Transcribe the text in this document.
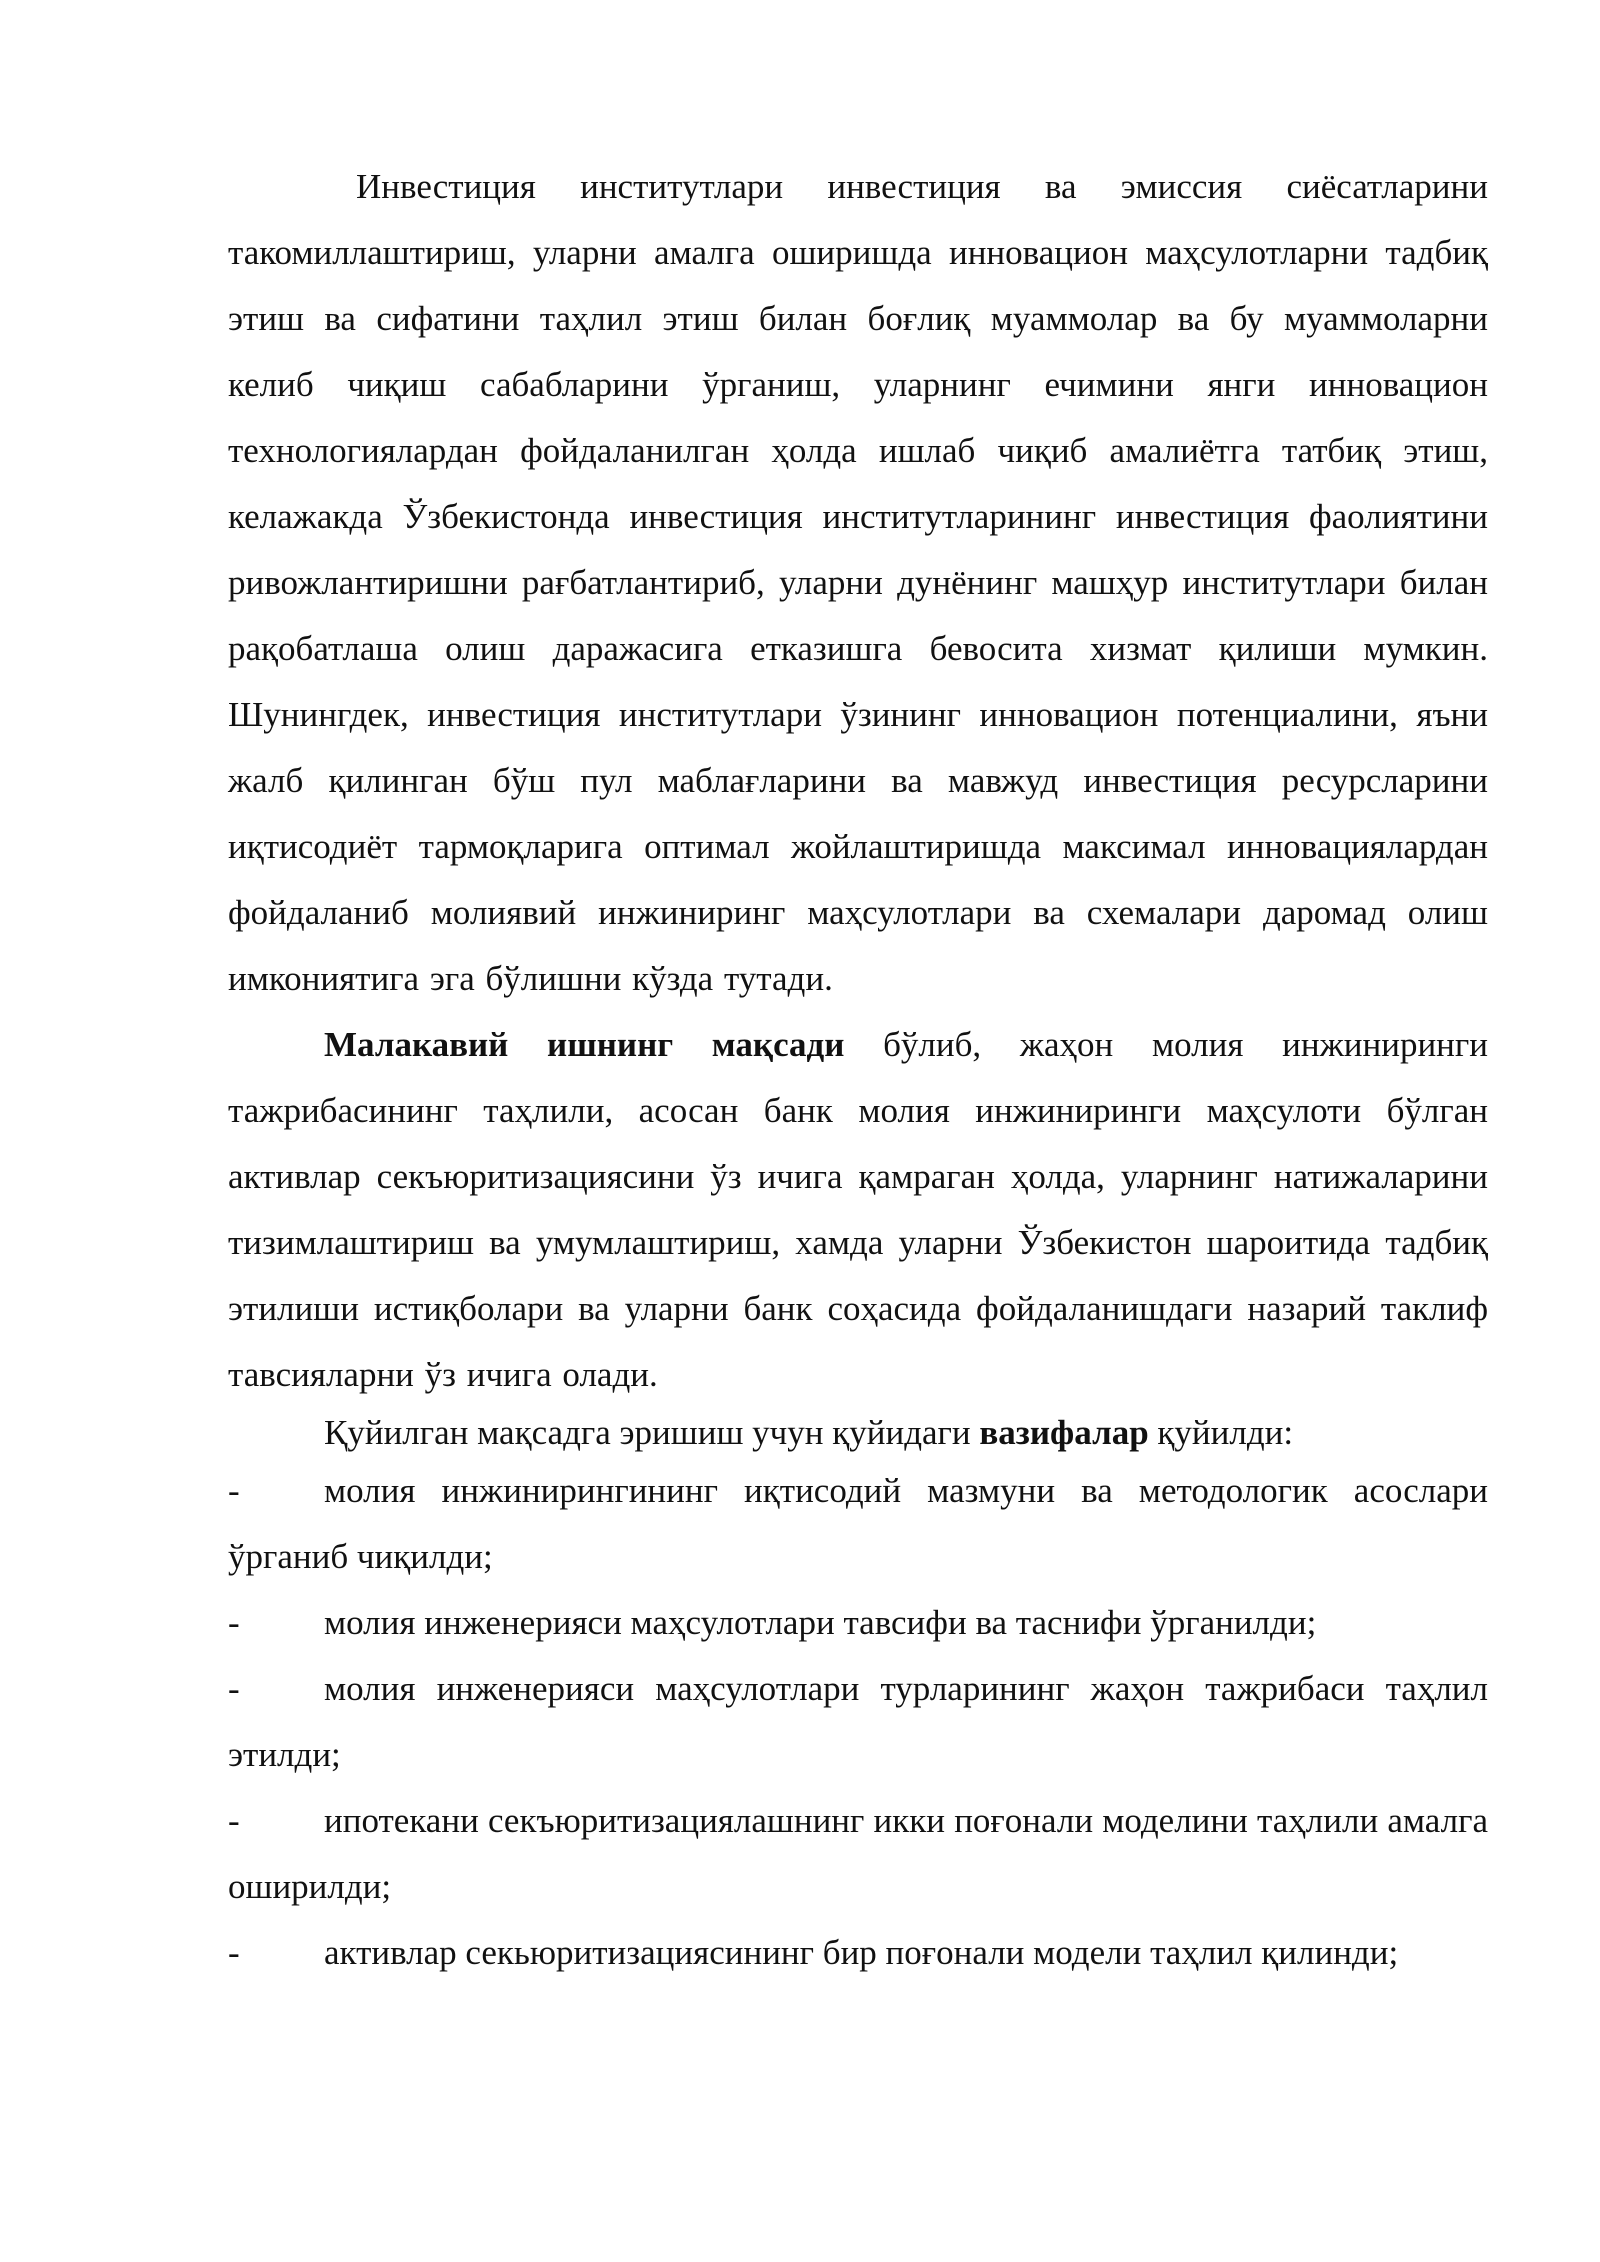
Инвестиция институтлари инвестиция ва эмиссия сиёсатларини такомиллаштириш, уларни амалга оширишда инновацион маҳсулотларни тадбиқ этиш ва сифатини таҳлил этиш билан боғлиқ муаммолар ва бу муаммоларни келиб чиқиш сабабларини ўрганиш, уларнинг ечимини янги инновацион технологиялардан фойдаланилган ҳолда ишлаб чиқиб амалиётга татбиқ этиш, келажакда Ўзбекистонда инвестиция институтларининг инвестиция фаолиятини ривожлантиришни рағбатлантириб, уларни дунёнинг машҳур институтлари билан рақобатлаша олиш даражасига етказишга бевосита хизмат қилиши мумкин. Шунингдек, инвестиция институтлари ўзининг инновацион потенциалини, яъни жалб қилинган бўш пул маблағларини ва мавжуд инвестиция ресурсларини иқтисодиёт тармоқларига оптимал жойлаштиришда максимал инновациялардан фойдаланиб молиявий инжиниринг маҳсулотлари ва схемалари даромад олиш имкониятига эга бўлишни кўзда тутади.

Малакавий ишнинг мақсади бўлиб, жаҳон молия инжиниринги тажрибасининг таҳлили, асосан банк молия инжиниринги маҳсулоти бўлган активлар секъюритизациясини ўз ичига қамраган ҳолда, уларнинг натижаларини тизимлаштириш ва умумлаштириш, хамда уларни Ўзбекистон шароитида тадбиқ этилиши истиқболари ва уларни банк соҳасида фойдаланишдаги назарий таклиф тавсияларни ўз ичига олади.

Қуйилган мақсадга эришиш учун қуйидаги вазифалар қуйилди:

- молия инжинирингининг иқтисодий мазмуни ва методологик асослари ўрганиб чиқилди;

- молия инженерияси маҳсулотлари тавсифи ва таснифи ўрганилди;

- молия инженерияси маҳсулотлари турларининг жаҳон тажрибаси таҳлил этилди;

- ипотекани секъюритизациялашнинг икки поғонали моделини таҳлили амалга оширилди;

- активлар секьюритизациясининг бир поғонали модели таҳлил қилинди;
